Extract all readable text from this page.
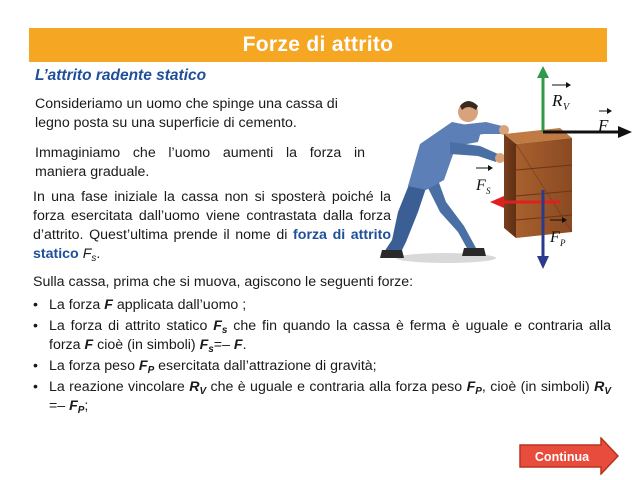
Forze di attrito
L’attrito radente statico

Consideriamo un uomo che spinge una cassa di legno posta su una superficie di cemento.

Immaginiamo che l’uomo aumenti la forza in maniera graduale.

In una fase iniziale la cassa non si sposterà poiché la forza esercitata dall’uomo viene contrastata dalla forza d’attrito. Quest’ultima prende il nome di forza di attrito statico $F_s$.

Sulla cassa, prima che si muova, agiscono le seguenti forze:

• La forza F applicata dall’uomo ;
• La forza di attrito statico $F_s$ che fin quando la cassa è ferma è uguale e contraria alla forza F cioè (in simboli) $F_s=-$ F.
• La forza peso $F_P$ esercitata dall’attrazione di gravità;
• La reazione vincolare $R_V$ che è uguale e contraria alla forza peso $F_P$, cioè (in simboli) $R_V =- F_P$;
R V
F
F S
F P
Continua
